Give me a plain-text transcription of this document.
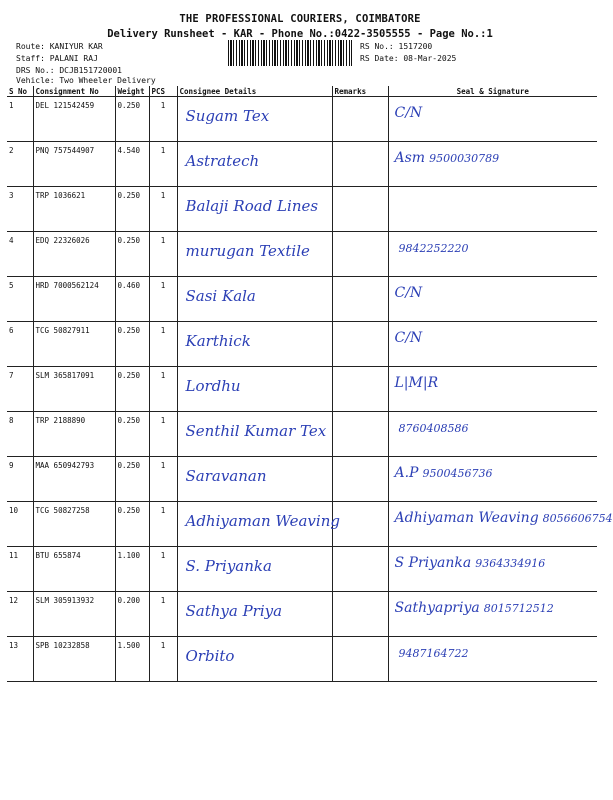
THE PROFESSIONAL COURIERS, COIMBATORE
Delivery Runsheet - KAR - Phone No.:0422-3505555 - Page No.:1
Route: KANIYUR KAR
Staff: PALANI RAJ
DRS No.: DCJB151720001
Vehicle: Two Wheeler Delivery
RS No.: 1517200
RS Date: 08-Mar-2025
S No	Consignment No	Weight	PCS	Consignee Details	Remarks	Seal & Signature
1	DEL 121542459	0.250	1	Sugam Tex		C/N

2	PNQ 757544907	4.540	1	Astratech		Asm 9500030789

3	TRP 1036621	0.250	1	Balaji Road Lines		

4	EDQ 22326026	0.250	1	murugan Textile		9842252220

5	HRD 7000562124	0.460	1	Sasi Kala		C/N

6	TCG 50827911	0.250	1	Karthick		C/N

7	SLM 365817091	0.250	1	Lordhu		L|M|R

8	TRP 2188890	0.250	1	Senthil Kumar Tex		8760408586

9	MAA 650942793	0.250	1	Saravanan		A.P 9500456736

10	TCG 50827258	0.250	1	Adhiyaman Weaving		Adhiyaman Weaving 8056606754

11	BTU 655874	1.100	1	S. Priyanka		S Priyanka 9364334916

12	SLM 305913932	0.200	1	Sathya Priya		Sathyapriya 8015712512

13	SPB 10232858	1.500	1	Orbito		9487164722
